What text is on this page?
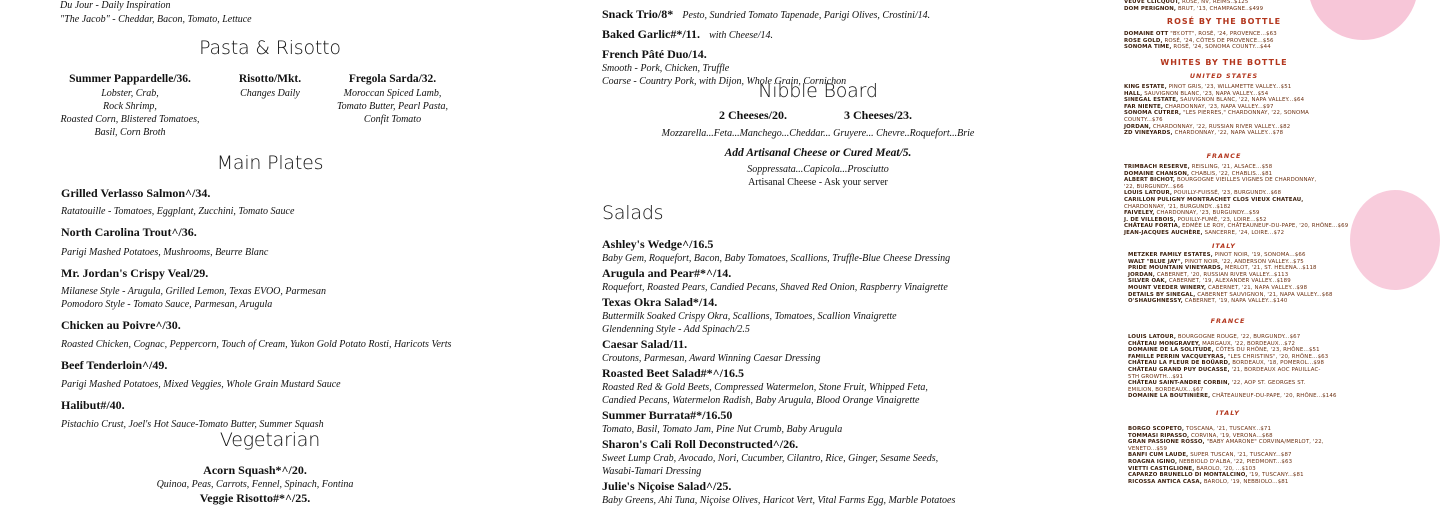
Du Jour - Daily Inspiration
"The Jacob" - Cheddar, Bacon, Tomato, Lettuce
Pasta & Risotto
Summer Pappardelle/36.
Lobster, Crab,
Rock Shrimp,
Roasted Corn, Blistered Tomatoes,
Basil, Corn Broth
Risotto/Mkt.
Changes Daily
Fregola Sarda/32.
Moroccan Spiced Lamb,
Tomato Butter, Pearl Pasta,
Confit Tomato
Main Plates
Grilled Verlasso Salmon^/34.
Ratatouille - Tomatoes, Eggplant, Zucchini, Tomato Sauce
North Carolina Trout^/36.
Parigi Mashed Potatoes, Mushrooms, Beurre Blanc
Mr. Jordan's Crispy Veal/29.
Milanese Style - Arugula, Grilled Lemon, Texas EVOO, Parmesan
Pomodoro Style - Tomato Sauce, Parmesan, Arugula
Chicken au Poivre^/30.
Roasted Chicken, Cognac, Peppercorn, Touch of Cream, Yukon Gold Potato Rosti, Haricots Verts
Beef Tenderloin^/49.
Parigi Mashed Potatoes, Mixed Veggies, Whole Grain Mustard Sauce
Halibut#/40.
Pistachio Crust, Joel's Hot Sauce-Tomato Butter, Summer Squash
Vegetarian
Acorn Squash*^/20.
Quinoa, Peas, Carrots, Fennel, Spinach, Fontina
Veggie Risotto#*^/25.
Snack Trio/8* Pesto, Sundried Tomato Tapenade, Parigi Olives, Crostini/14.
Baked Garlic#*/11. with Cheese/14.
French Pâté Duo/14.
Smooth - Pork, Chicken, Truffle
Coarse - Country Pork, with Dijon, Whole Grain, Cornichon
Nibble Board
2 Cheeses/20.	3 Cheeses/23.
Mozzarella...Feta...Manchego...Cheddar... Gruyere... Chevre..Roquefort...Brie
Add Artisanal Cheese or Cured Meat/5.
Soppressata...Capicola...Prosciutto
Artisanal Cheese - Ask your server
Salads
Ashley's Wedge^/16.5
Baby Gem, Roquefort, Bacon, Baby Tomatoes, Scallions, Truffle-Blue Cheese Dressing
Arugula and Pear#*^/14.
Roquefort, Roasted Pears, Candied Pecans, Shaved Red Onion, Raspberry Vinaigrette
Texas Okra Salad*/14.
Buttermilk Soaked Crispy Okra, Scallions, Tomatoes, Scallion Vinaigrette
Glendenning Style - Add Spinach/2.5
Caesar Salad/11.
Croutons, Parmesan, Award Winning Caesar Dressing
Roasted Beet Salad#*^/16.5
Roasted Red & Gold Beets, Compressed Watermelon, Stone Fruit, Whipped Feta,
Candied Pecans, Watermelon Radish, Baby Arugula, Blood Orange Vinaigrette
Summer Burrata#*/16.50
Tomato, Basil, Tomato Jam, Pine Nut Crumb, Baby Arugula
Sharon's Cali Roll Deconstructed^/26.
Sweet Lump Crab, Avocado, Nori, Cucumber, Cilantro, Rice, Ginger, Sesame Seeds,
Wasabi-Tamari Dressing
Julie's Niçoise Salad^/25.
Baby Greens, Ahi Tuna, Niçoise Olives, Haricot Vert, Vital Farms Egg, Marble Potatoes
VEUVE CLICQUOT, ROSÉ, NV, REIMS..$125
DOM PERIGNON, BRUT, '13, CHAMPAGNE..$499
ROSÉ BY THE BOTTLE
DOMAINE OTT "BY.OTT", ROSÉ, '24, PROVENCE...$63
ROSE GOLD, ROSÉ, '24, CÔTES DE PROVENCE...$56
SONOMA TIME, ROSÉ, '24, SONOMA COUNTY...$44
WHITES BY THE BOTTLE
UNITED STATES
KING ESTATE, PINOT GRIS, '23, WILLAMETTE VALLEY...$51
HALL, SAUVIGNON BLANC, '23, NAPA VALLEY...$54
SINEGAL ESTATE, SAUVIGNON BLANC, '22, NAPA VALLEY...$64
FAR NIENTE, CHARDONNAY, '23, NAPA VALLEY...$97
SONOMA CUTRER, "LES PIERRES," CHARDONNAY, '22, SONOMA COUNTY...$76
JORDAN, CHARDONNAY, '22, RUSSIAN RIVER VALLEY...$82
ZD VINEYARDS, CHARDONNAY, '22, NAPA VALLEY...$78
FRANCE
TRIMBACH RESERVE, REISLING, '21, ALSACE...$58
DOMAINE CHANSON, CHABLIS, '22, CHABLIS...$81
ALBERT BICHOT, BOURGOGNE VIEILLES VIGNES DE CHARDONNAY, '22, BURGUNDY...$66
LOUIS LATOUR, POUILLY-FUISSÉ, '23, BURGUNDY...$68
CARILLON PULIGNY MONTRACHET CLOS VIEUX CHATEAU, CHARDONNAY, '21, BURGUNDY...$182
FAIVELEY, CHARDONNAY, '23, BURGUNDY...$59
J. DE VILLEBOIS, POUILLY-FUMÉ, '23, LOIRE...$52
CHÂTEAU FORTIA, EDMÉE LE ROY, CHÂTEAUNEUF-DU-PAPE, '20, RHÔNE...$69
JEAN-JACQUES AUCHÈRE, SANCERRE, '24, LOIRE...$72
ITALY
METZKER FAMILY ESTATES, PINOT NOIR, '19, SONOMA...$66
WALT "BLUE JAY", PINOT NOIR, '22, ANDERSON VALLEY...$75
PRIDE MOUNTAIN VINEYARDS, MERLOT, '21, ST. HELENA...$118
JORDAN, CABERNET, '20, RUSSIAN RIVER VALLEY...$113
SILVER OAK, CABERNET, '19, ALEXANDER VALLEY...$189
MOUNT VEEDER WINERY, CABERNET, '21, NAPA VALLEY...$98
DETAILS BY SINEGAL, CABERNET SAUVIGNON, '21, NAPA VALLEY...$68
O'SHAUGHNESSY, CABERNET, '19, NAPA VALLEY...$140
FRANCE
LOUIS LATOUR, BOURGOGNE ROUGE, '22, BURGUNDY...$67
CHÂTEAU MONGRAVEY, MARGAUX, '22, BORDEAUX...$72
DOMAINE DE LA SOLITUDE, CÔTES DU RHÔNE, '23, RHÔNE...$51
FAMILLE PERRIN VACQUEYRAS, "LES CHRISTINS", '20, RHÔNE...$63
CHÂTEAU LA FLEUR DE BOÜARD, BORDEAUX, '18, POMEROL...$98
CHÂTEAU GRAND PUY DUCASSE, '21, BORDEAUX AOC PAUILLAC-5TH GROWTH...$91
CHÂTEAU SAINT-ANDRE CORBIN, '22, AOP ST. GEORGES ST. EMILION, BORDEAUX...$67
DOMAINE LA BOUTINIÈRE, CHÂTEAUNEUF-DU-PAPE, '20, RHÔNE...$146
ITALY
BORGO SCOPETO, TOSCANA, '21, TUSCANY...$71
TOMMASI RIPASSO, CORVINA, '19, VERONA...$68
GRAN PASSIONE ROSSO, "BABY AMARONE" CORVINA/MERLOT, '22, VENETO...$59
BANFI CUM LAUDE, SUPER TUSCAN, '21, TUSCANY...$87
ROAGNA IGINO, NEBBIOLO D'ALBA, '22, PIEDMONT...$63
VIETTI CASTIGLIONE, BAROLO, '20, ...$103
CAPARZO BRUNELLO DI MONTALCINO, '19, TUSCANY...$81
RICOSSA ANTICA CASA, BAROLO, '19, NEBBIOLO...$81
